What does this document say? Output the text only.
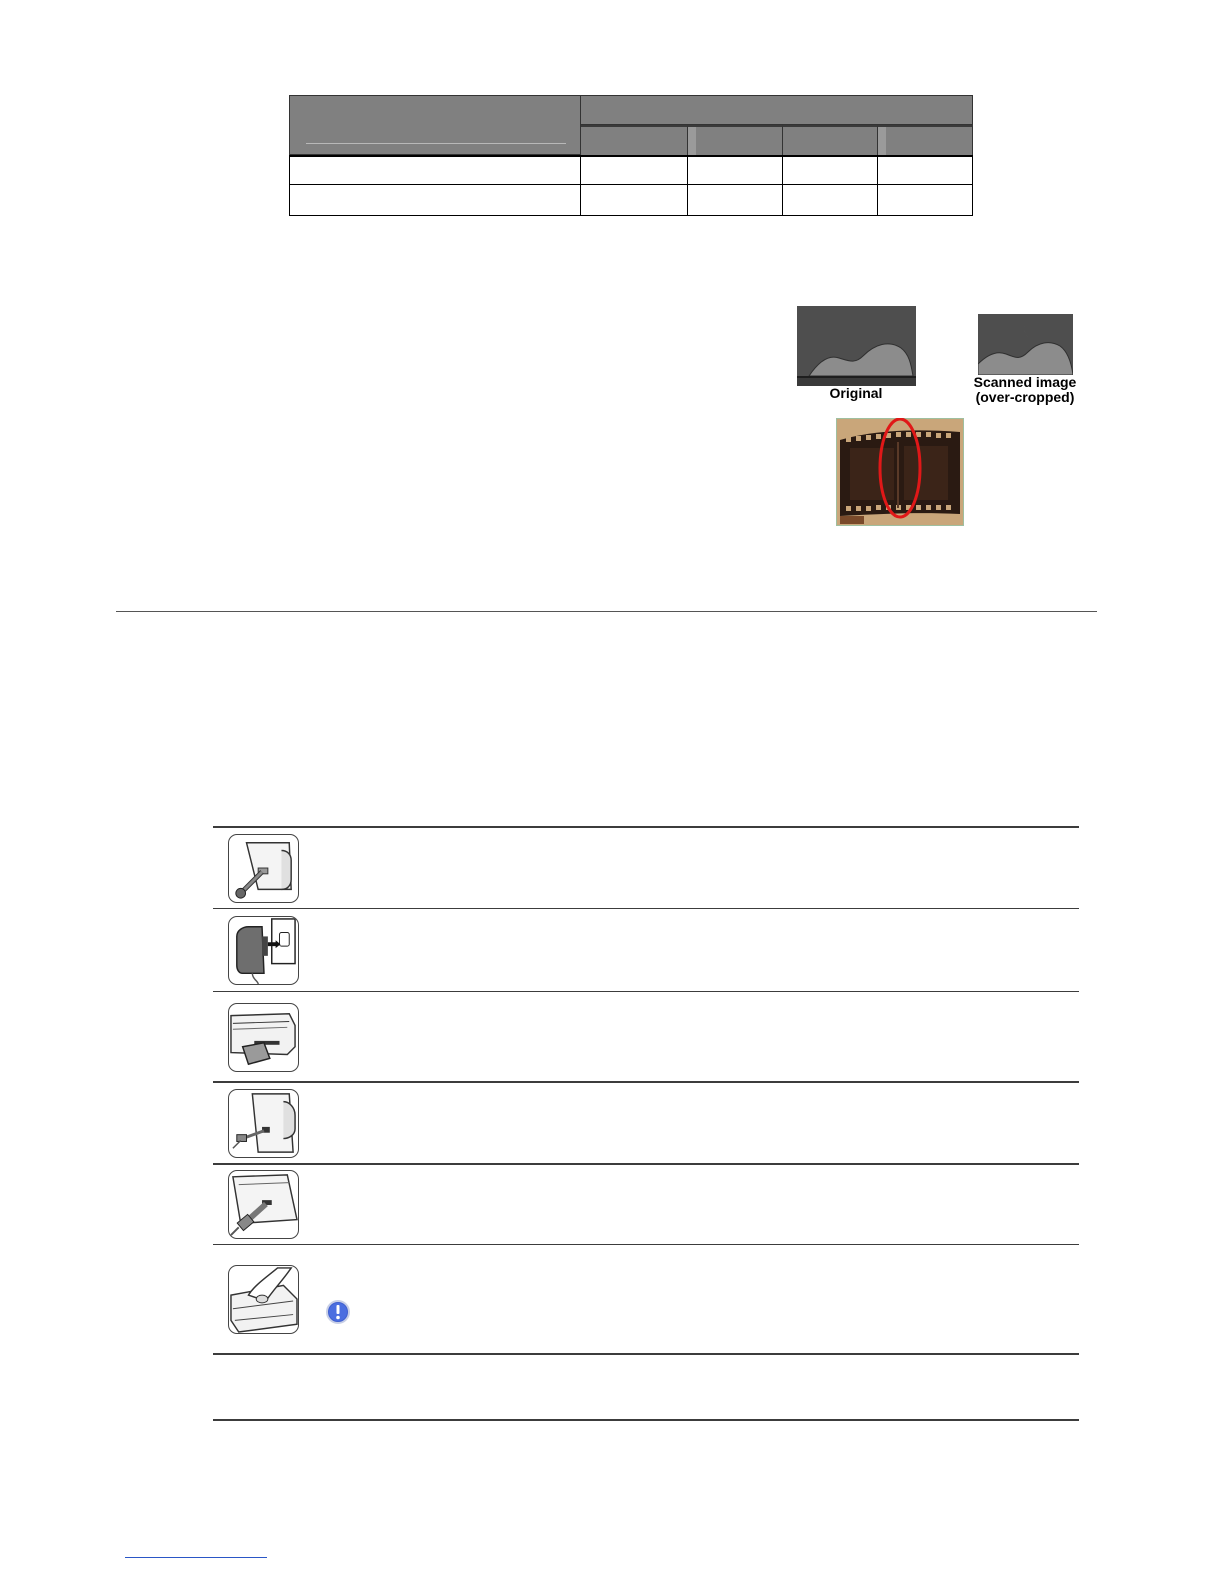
Original
Scanned image
(over-cropped)
